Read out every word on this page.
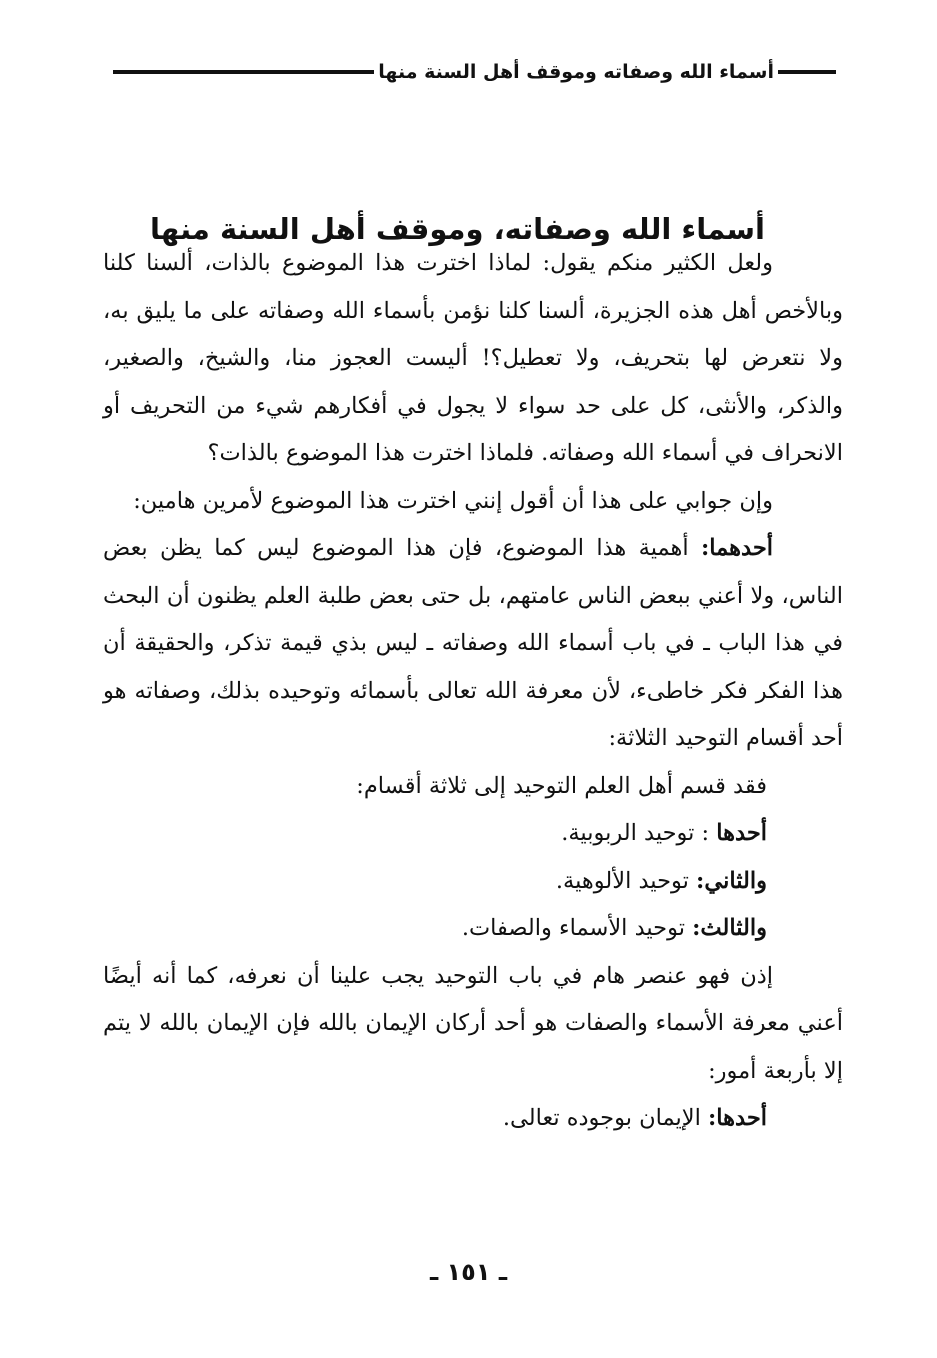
أسماء الله وصفاته وموقف أهل السنة منها
أسماء الله وصفاته، وموقف أهل السنة منها

ولعل الكثير منكم يقول: لماذا اخترت هذا الموضوع بالذات، ألسنا كلنا وبالأخص أهل هذه الجزيرة، ألسنا كلنا نؤمن بأسماء الله وصفاته على ما يليق به، ولا نتعرض لها بتحريف، ولا تعطيل؟! أليست العجوز منا، والشيخ، والصغير، والذكر، والأنثى، كل على حد سواء لا يجول في أفكارهم شيء من التحريف أو الانحراف في أسماء الله وصفاته. فلماذا اخترت هذا الموضوع بالذات؟

وإن جوابي على هذا أن أقول إنني اخترت هذا الموضوع لأمرين هامين:

أحدهما: أهمية هذا الموضوع، فإن هذا الموضوع ليس كما يظن بعض الناس، ولا أعني ببعض الناس عامتهم، بل حتى بعض طلبة العلم يظنون أن البحث في هذا الباب ـ في باب أسماء الله وصفاته ـ ليس بذي قيمة تذكر، والحقيقة أن هذا الفكر فكر خاطىء، لأن معرفة الله تعالى بأسمائه وتوحيده بذلك، وصفاته هو أحد أقسام التوحيد الثلاثة:

فقد قسم أهل العلم التوحيد إلى ثلاثة أقسام:

أحدها : توحيد الربوبية.

والثاني: توحيد الألوهية.

والثالث: توحيد الأسماء والصفات.

إذن فهو عنصر هام في باب التوحيد يجب علينا أن نعرفه، كما أنه أيضًا أعني معرفة الأسماء والصفات هو أحد أركان الإيمان بالله فإن الإيمان بالله لا يتم إلا بأربعة أمور:

أحدها: الإيمان بوجوده تعالى.

ـ ١٥١ ـ
